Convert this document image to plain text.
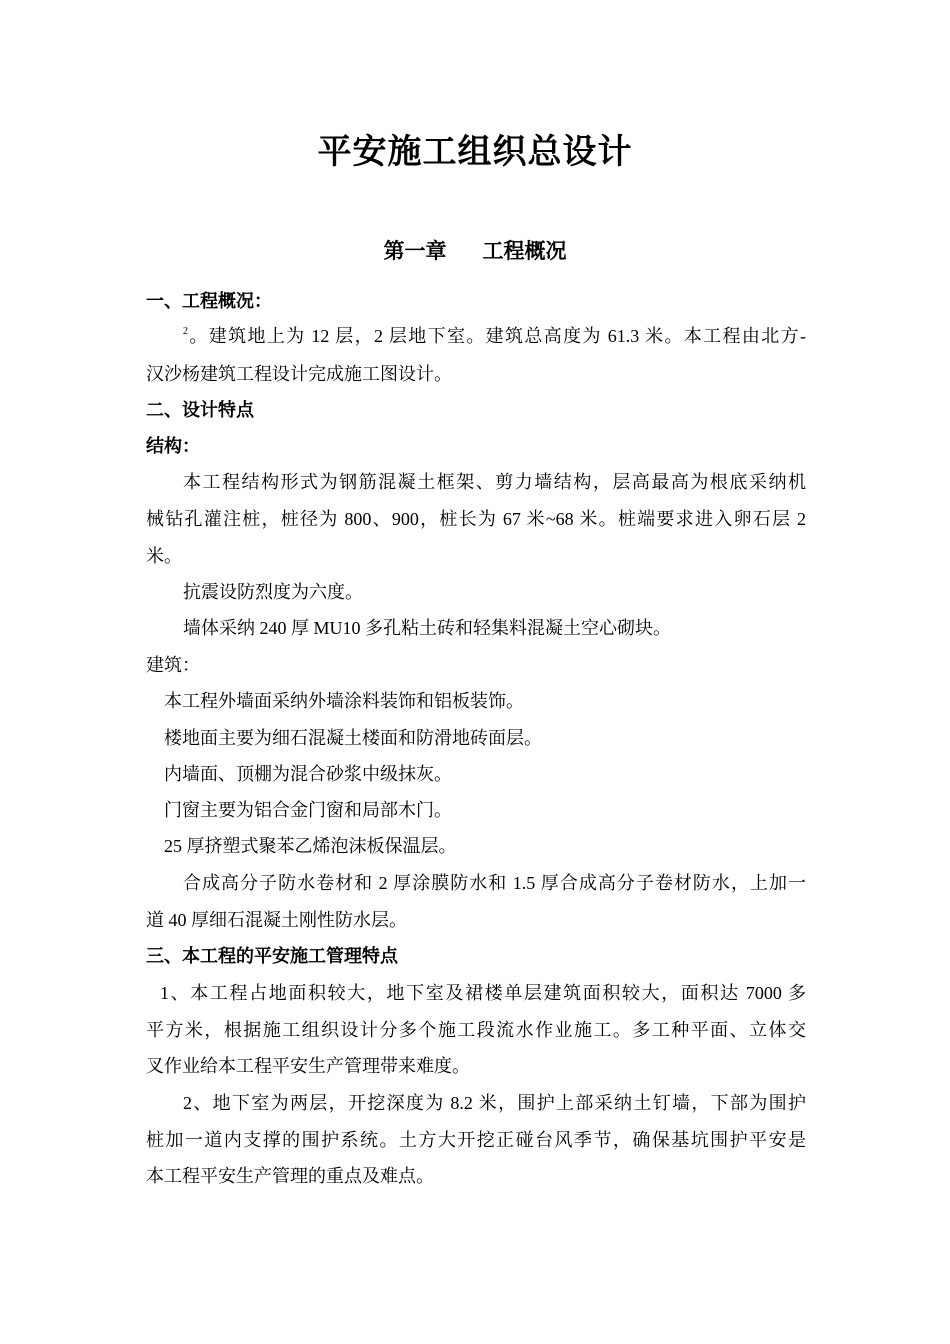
平安施工组织总设计
第一章 工程概况
一、工程概况：
$^2$。建筑地上为 12 层，2 层地下室。建筑总高度为 61.3 米。本工程由北方-
汉沙杨建筑工程设计完成施工图设计。
二、设计特点
结构：
本工程结构形式为钢筋混凝土框架、剪力墙结构，层高最高为根底采纳机
械钻孔灌注桩，桩径为 800、900，桩长为 67 米~68 米。桩端要求进入卵石层 2
米。
抗震设防烈度为六度。
墙体采纳 240 厚 MU10 多孔粘土砖和轻集料混凝土空心砌块。
建筑：
本工程外墙面采纳外墙涂料装饰和铝板装饰。
楼地面主要为细石混凝土楼面和防滑地砖面层。
内墙面、顶棚为混合砂浆中级抹灰。
门窗主要为铝合金门窗和局部木门。
25 厚挤塑式聚苯乙烯泡沫板保温层。
合成高分子防水卷材和 2 厚涂膜防水和 1.5 厚合成高分子卷材防水，上加一
道 40 厚细石混凝土刚性防水层。
三、本工程的平安施工管理特点
1、本工程占地面积较大，地下室及裙楼单层建筑面积较大，面积达 7000 多
平方米，根据施工组织设计分多个施工段流水作业施工。多工种平面、立体交
叉作业给本工程平安生产管理带来难度。
2、地下室为两层，开挖深度为 8.2 米，围护上部采纳土钉墙，下部为围护
桩加一道内支撑的围护系统。土方大开挖正碰台风季节，确保基坑围护平安是
本工程平安生产管理的重点及难点。
